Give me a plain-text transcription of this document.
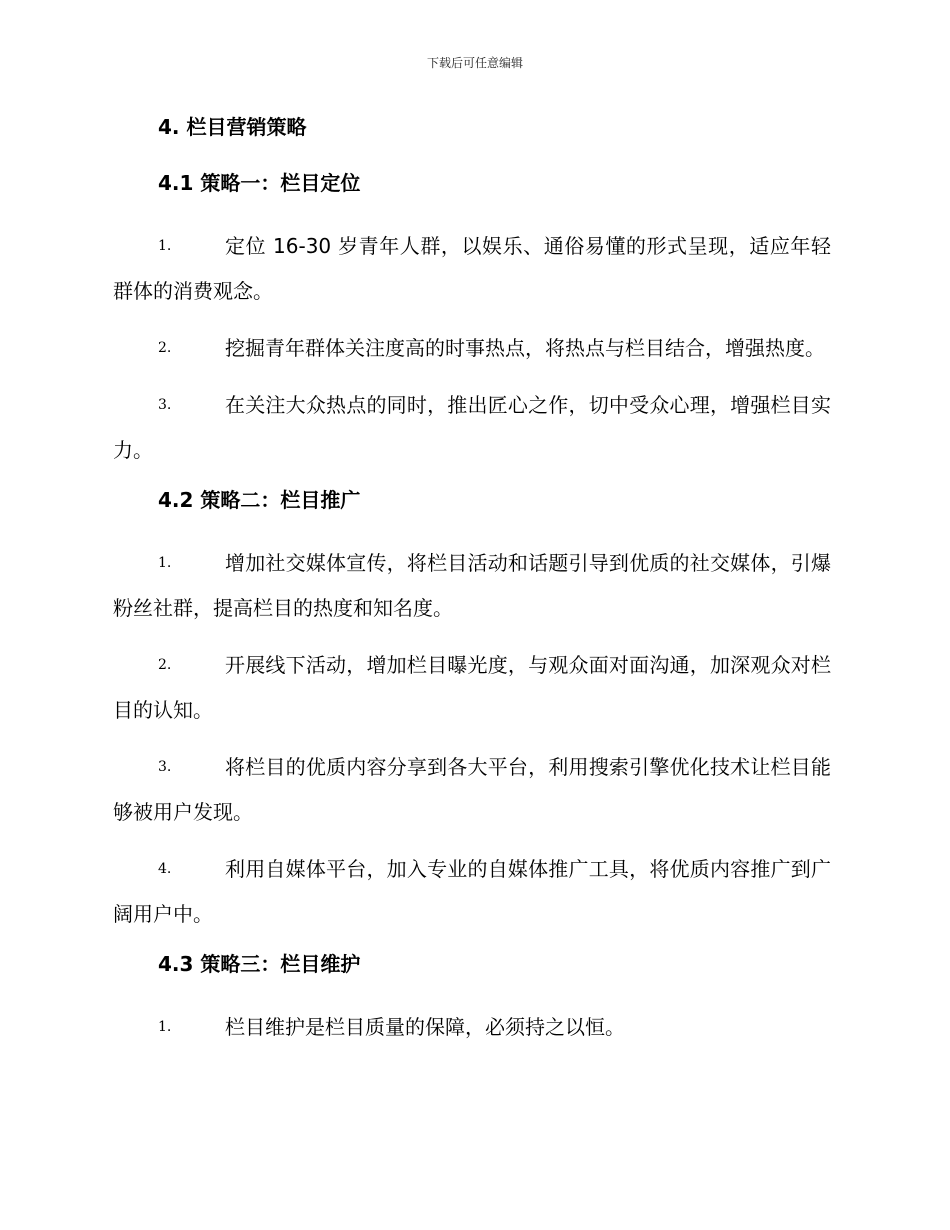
下载后可任意编辑
4. 栏目营销策略
4.1 策略一：栏目定位
1.	定位 16-30 岁青年人群，以娱乐、通俗易懂的形式呈现，适应年轻群体的消费观念。
2.	挖掘青年群体关注度高的时事热点，将热点与栏目结合，增强热度。
3.	在关注大众热点的同时，推出匠心之作，切中受众心理，增强栏目实力。
4.2 策略二：栏目推广
1.	增加社交媒体宣传，将栏目活动和话题引导到优质的社交媒体，引爆粉丝社群，提高栏目的热度和知名度。
2.	开展线下活动，增加栏目曝光度，与观众面对面沟通，加深观众对栏目的认知。
3.	将栏目的优质内容分享到各大平台，利用搜索引擎优化技术让栏目能够被用户发现。
4.	利用自媒体平台，加入专业的自媒体推广工具，将优质内容推广到广阔用户中。
4.3 策略三：栏目维护
1.	栏目维护是栏目质量的保障，必须持之以恒。
